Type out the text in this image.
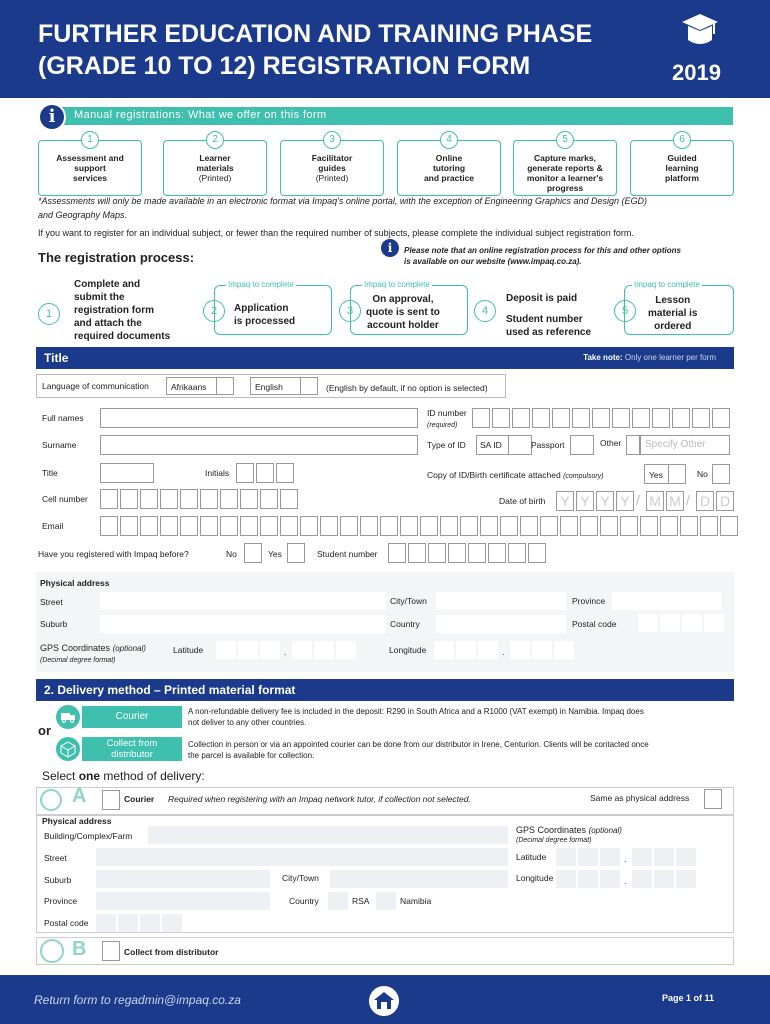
FURTHER EDUCATION AND TRAINING PHASE
(GRADE 10 TO 12) REGISTRATION FORM	2019
Manual registrations: What we offer on this form
i
Assessment and
support
services
1
Learner
materials
(Printed)
2
Facilitator
guides
(Printed)
3
Online
tutoring
and practice
4
Capture marks,
generate reports &
monitor a learner's
progress
5
Guided
learning
platform
6
*Assessments will only be made available in an electronic format via Impaq's online portal, with the exception of Engineering Graphics and Design (EGD)
and Geography Maps.
If you want to register for an individual subject, or fewer than the required number of subjects, please complete the individual subject registration form.
The registration process:
i	Please note that an online registration process for this and other options
is available on our website (www.impaq.co.za).
1
Complete and
submit the
registration form
and attach the
required documents
Impaq to complete
2	Application
is processed
Impaq to complete
3
On approval,
quote is sent to
account holder
4
Deposit is paid
Student number
used as reference
Impaq to complete
5
Lesson
material is
ordered
Title	Take note: Only one learner per form
Language of communication	Afrikaans	English	(English by default, if no option is selected)
Full names	ID number
(required)
Surname	Type of ID SA ID	Passport	Other	Specify Other
Title	Initials	Copy of ID/Birth certificate attached (compulsory)	Yes	No
Cell number	Date of birth	Y Y Y Y / M M / D D
Email
Have you registered with Impaq before?	No	Yes	Student number
Physical address
Street	City/Town	Province
Suburb	Country	Postal code
GPS Coordinates (optional)	Latitude	.	Longitude	.
(Decimal degree format)
2. Delivery method – Printed material format
Courier	A non-refundable delivery fee is included in the deposit: R290 in South Africa and a R1000 (VAT exempt) in Namibia. Impaq does
not deliver to any other countries.
or
Collect from
distributor
Collection in person or via an appointed courier can be done from our distributor in Irene, Centurion. Clients will be contacted once
the parcel is available for collection.
Select one method of delivery:
A	Courier Required when registering with an Impaq network tutor, if collection not selected.	Same as physical address
Physical address
Building/Complex/Farm
GPS Coordinates (optional)
(Decimal degree format)
Street	Latitude	.
Suburb	City/Town	Longitude	.
Province	Country	RSA	Namibia
Postal code
B	Collect from distributor
Return form to regadmin@impaq.co.za	Page 1 of 11
